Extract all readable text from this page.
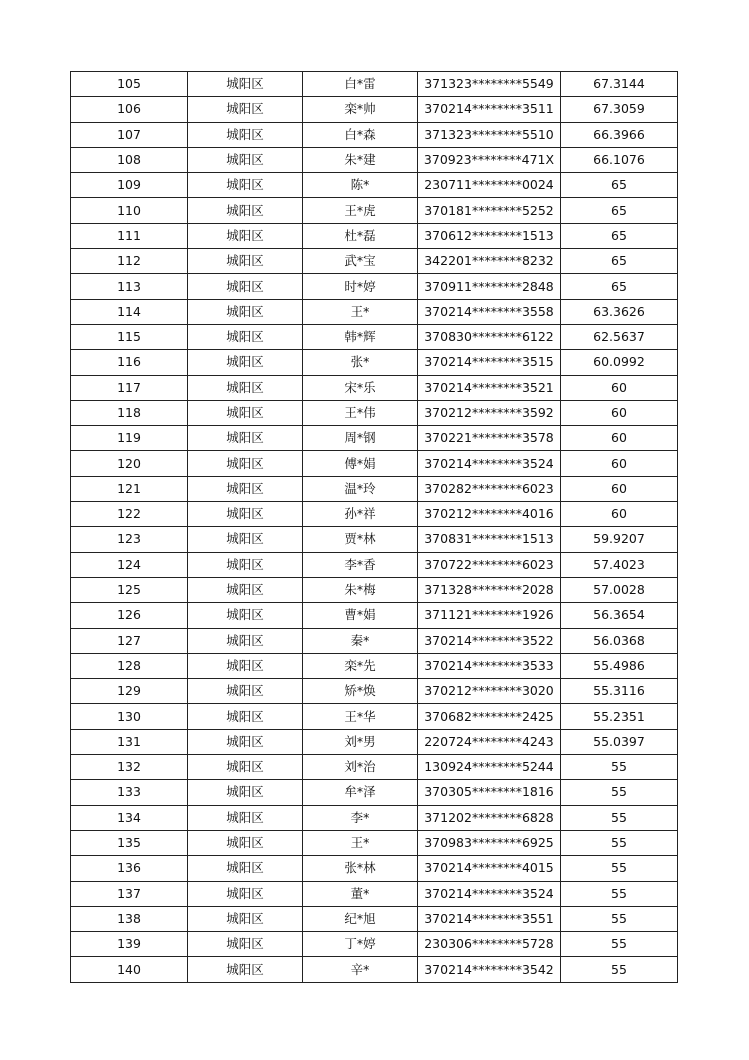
105	城阳区	白*雷	371323********5549	67.3144
106	城阳区	栾*帅	370214********3511	67.3059
107	城阳区	白*森	371323********5510	66.3966
108	城阳区	朱*建	370923********471X	66.1076
109	城阳区	陈*	230711********0024	65
110	城阳区	王*虎	370181********5252	65
111	城阳区	杜*磊	370612********1513	65
112	城阳区	武*宝	342201********8232	65
113	城阳区	时*婷	370911********2848	65
114	城阳区	王*	370214********3558	63.3626
115	城阳区	韩*辉	370830********6122	62.5637
116	城阳区	张*	370214********3515	60.0992
117	城阳区	宋*乐	370214********3521	60
118	城阳区	王*伟	370212********3592	60
119	城阳区	周*钢	370221********3578	60
120	城阳区	傅*娟	370214********3524	60
121	城阳区	温*玲	370282********6023	60
122	城阳区	孙*祥	370212********4016	60
123	城阳区	贾*林	370831********1513	59.9207
124	城阳区	李*香	370722********6023	57.4023
125	城阳区	朱*梅	371328********2028	57.0028
126	城阳区	曹*娟	371121********1926	56.3654
127	城阳区	秦*	370214********3522	56.0368
128	城阳区	栾*先	370214********3533	55.4986
129	城阳区	矫*焕	370212********3020	55.3116
130	城阳区	王*华	370682********2425	55.2351
131	城阳区	刘*男	220724********4243	55.0397
132	城阳区	刘*治	130924********5244	55
133	城阳区	牟*泽	370305********1816	55
134	城阳区	李*	371202********6828	55
135	城阳区	王*	370983********6925	55
136	城阳区	张*林	370214********4015	55
137	城阳区	董*	370214********3524	55
138	城阳区	纪*旭	370214********3551	55
139	城阳区	丁*婷	230306********5728	55
140	城阳区	辛*	370214********3542	55
